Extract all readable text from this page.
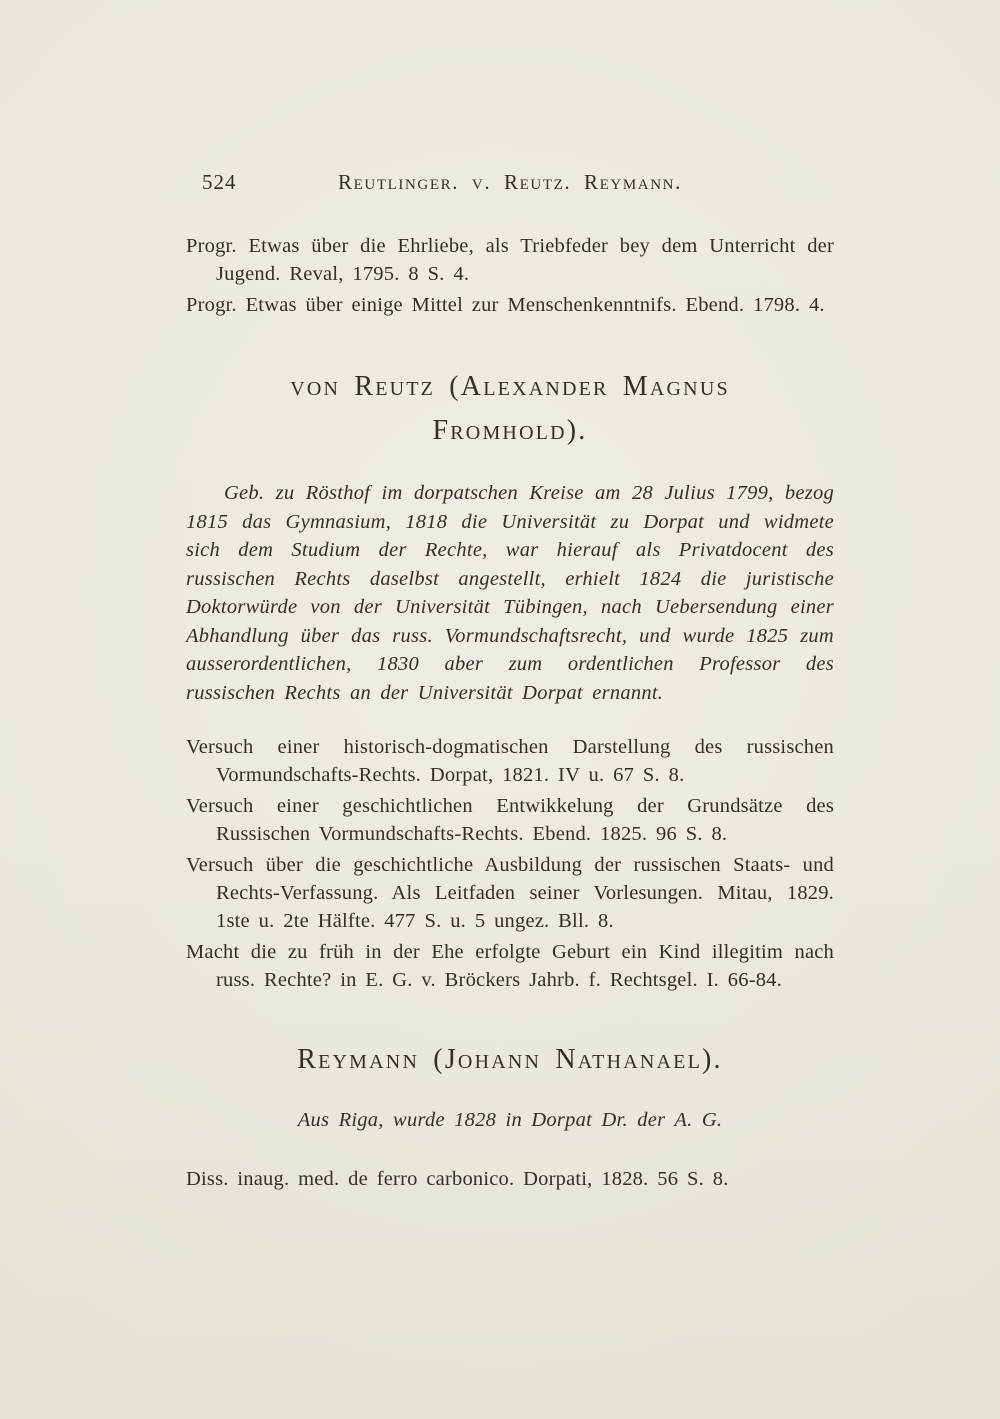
524	Reutlinger. v. Reutz. Reymann.

Progr. Etwas über die Ehrliebe, als Triebfeder bey dem Unterricht der Jugend. Reval, 1795. 8 S. 4.

Progr. Etwas über einige Mittel zur Menschenkenntnifs. Ebend. 1798. 4.

von Reutz (Alexander Magnus
Fromhold).

Geb. zu Rösthof im dorpatschen Kreise am 28 Julius 1799, bezog 1815 das Gymnasium, 1818 die Universität zu Dorpat und widmete sich dem Studium der Rechte, war hierauf als Privatdocent des russischen Rechts daselbst angestellt, erhielt 1824 die juristische Doktorwürde von der Universität Tübingen, nach Uebersendung einer Abhandlung über das russ. Vormundschaftsrecht, und wurde 1825 zum ausserordentlichen, 1830 aber zum ordentlichen Professor des russischen Rechts an der Universität Dorpat ernannt.

Versuch einer historisch-dogmatischen Darstellung des russischen Vormundschafts-Rechts. Dorpat, 1821. IV u. 67 S. 8.

Versuch einer geschichtlichen Entwikkelung der Grundsätze des Russischen Vormundschafts-Rechts. Ebend. 1825. 96 S. 8.

Versuch über die geschichtliche Ausbildung der russischen Staats- und Rechts-Verfassung. Als Leitfaden seiner Vorlesungen. Mitau, 1829. 1ste u. 2te Hälfte. 477 S. u. 5 ungez. Bll. 8.

Macht die zu früh in der Ehe erfolgte Geburt ein Kind illegitim nach russ. Rechte? in E. G. v. Bröckers Jahrb. f. Rechtsgel. I. 66-84.

Reymann (Johann Nathanael).

Aus Riga, wurde 1828 in Dorpat Dr. der A. G.

Diss. inaug. med. de ferro carbonico. Dorpati, 1828. 56 S. 8.
